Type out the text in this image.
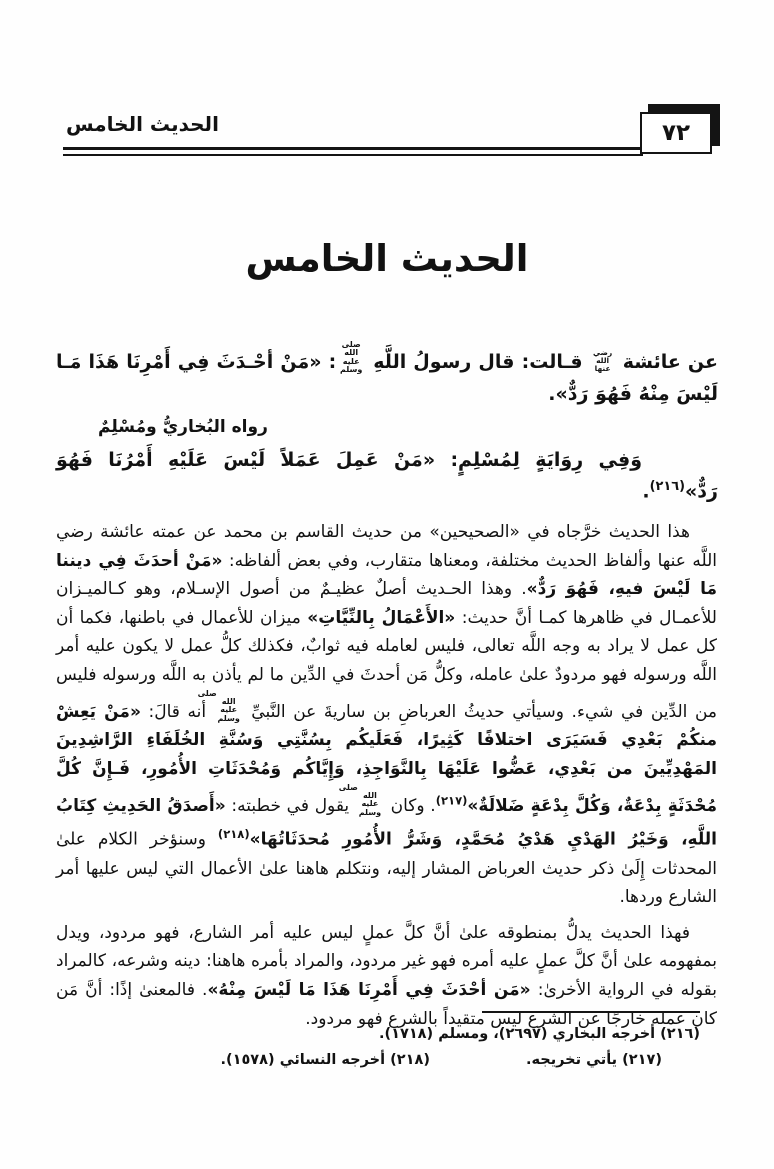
الحديث الخامس	٧٢
الحديث الخامس

عن عائشة رضي الله عنها قـالت: قال رسولُ اللَّهِ صلى الله عليه وسلم: «مَنْ أحْـدَثَ فِي أَمْرِنَا هَذَا مَـا لَيْسَ مِنْهُ فَهُوَ رَدٌّ».

رواه البُخاريُّ ومُسْلِمٌ

وَفِي رِوَايَةٍ لِمُسْلِمٍ: «مَنْ عَمِلَ عَمَلاً لَيْسَ عَلَيْهِ أَمْرُنَا فَهُوَ رَدٌّ»$^{(٢١٦)}$.

هذا الحديث خرَّجاه في «الصحيحين» من حديث القاسم بن محمد عن عمته عائشة رضي اللَّه عنها وألفاظ الحديث مختلفة، ومعناها متقارب، وفي بعض ألفاظه: «مَنْ أحدَثَ فِي ديننا مَا لَيْسَ فيهِ، فَهُوَ رَدٌّ». وهذا الحـديث أصلٌ عظيـمٌ من أصول الإسـلام، وهو كـالميـزان للأعمـال في ظاهرها كمـا أنَّ حديث: «الأَعْمَالُ بِالنِّيَّاتِ» ميزان للأعمال في باطنها، فكما أن كل عمل لا يراد به وجه اللَّه تعالى، فليس لعامله فيه ثوابٌ، فكذلك كلُّ عمل لا يكون عليه أمر اللَّه ورسوله فهو مردودٌ علىٰ عامله، وكلُّ مَن أحدثَ في الدِّين ما لم يأذن به اللَّه ورسوله فليس من الدِّين في شيء. وسيأتي حديثُ العرباضِ بن ساريةَ عن النَّبيِّ صلى الله عليه وسلم أنه قالَ: «مَنْ يَعِشْ منكُمْ بَعْدِي فَسَيَرَى اختلافًا كَثِيرًا، فَعَلَيكُم بِسُنَّتِي وَسُنَّةِ الخُلَفَاءِ الرَّاشِدِينَ المَهْدِيِّينَ من بَعْدِي، عَضُّوا عَلَيْهَا بِالنَّوَاجِذِ، وَإِيَّاكُم وَمُحْدَثَاتِ الأُمُورِ، فَـإِنَّ كُلَّ مُحْدَثَةٍ بِدْعَةٌ، وَكُلَّ بِدْعَةٍ ضَلالَةٌ»$^{(٢١٧)}$. وكان صلى الله عليه وسلم يقول في خطبته: «أَصدَقُ الحَدِيثِ كِتَابُ اللَّهِ، وَخَيْرُ الهَدْيِ هَدْيُ مُحَمَّدٍ، وَشَرُّ الأُمُورِ مُحدَثَاتُهَا»$^{(٢١٨)}$ وسنؤخر الكلام علىٰ المحدثات إِلَىٰ ذكر حديث العرباض المشار إليه، ونتكلم هاهنا علىٰ الأعمال التي ليس عليها أمر الشارع وردها.

فهذا الحديث يدلُّ بمنطوقه علىٰ أنَّ كلَّ عملٍ ليس عليه أمر الشارع، فهو مردود، ويدل بمفهومه علىٰ أنَّ كلَّ عملٍ عليه أمره فهو غير مردود، والمراد بأمره هاهنا: دينه وشرعه، كالمراد بقوله في الرواية الأخرىٰ: «مَن أحْدَثَ فِي أَمْرِنَا هَذَا مَا لَيْسَ مِنْهُ». فالمعنىٰ إذًا: أنَّ مَن كان عمله خارجًا عن الشرع ليس متقيداً بالشرع فهو مردود.

(٢١٦) أخرجه البخاري (٢٦٩٧)، ومسلم (١٧١٨).
(٢١٧) يأتي تخريجه.
(٢١٨) أخرجه النسائي (١٥٧٨).
